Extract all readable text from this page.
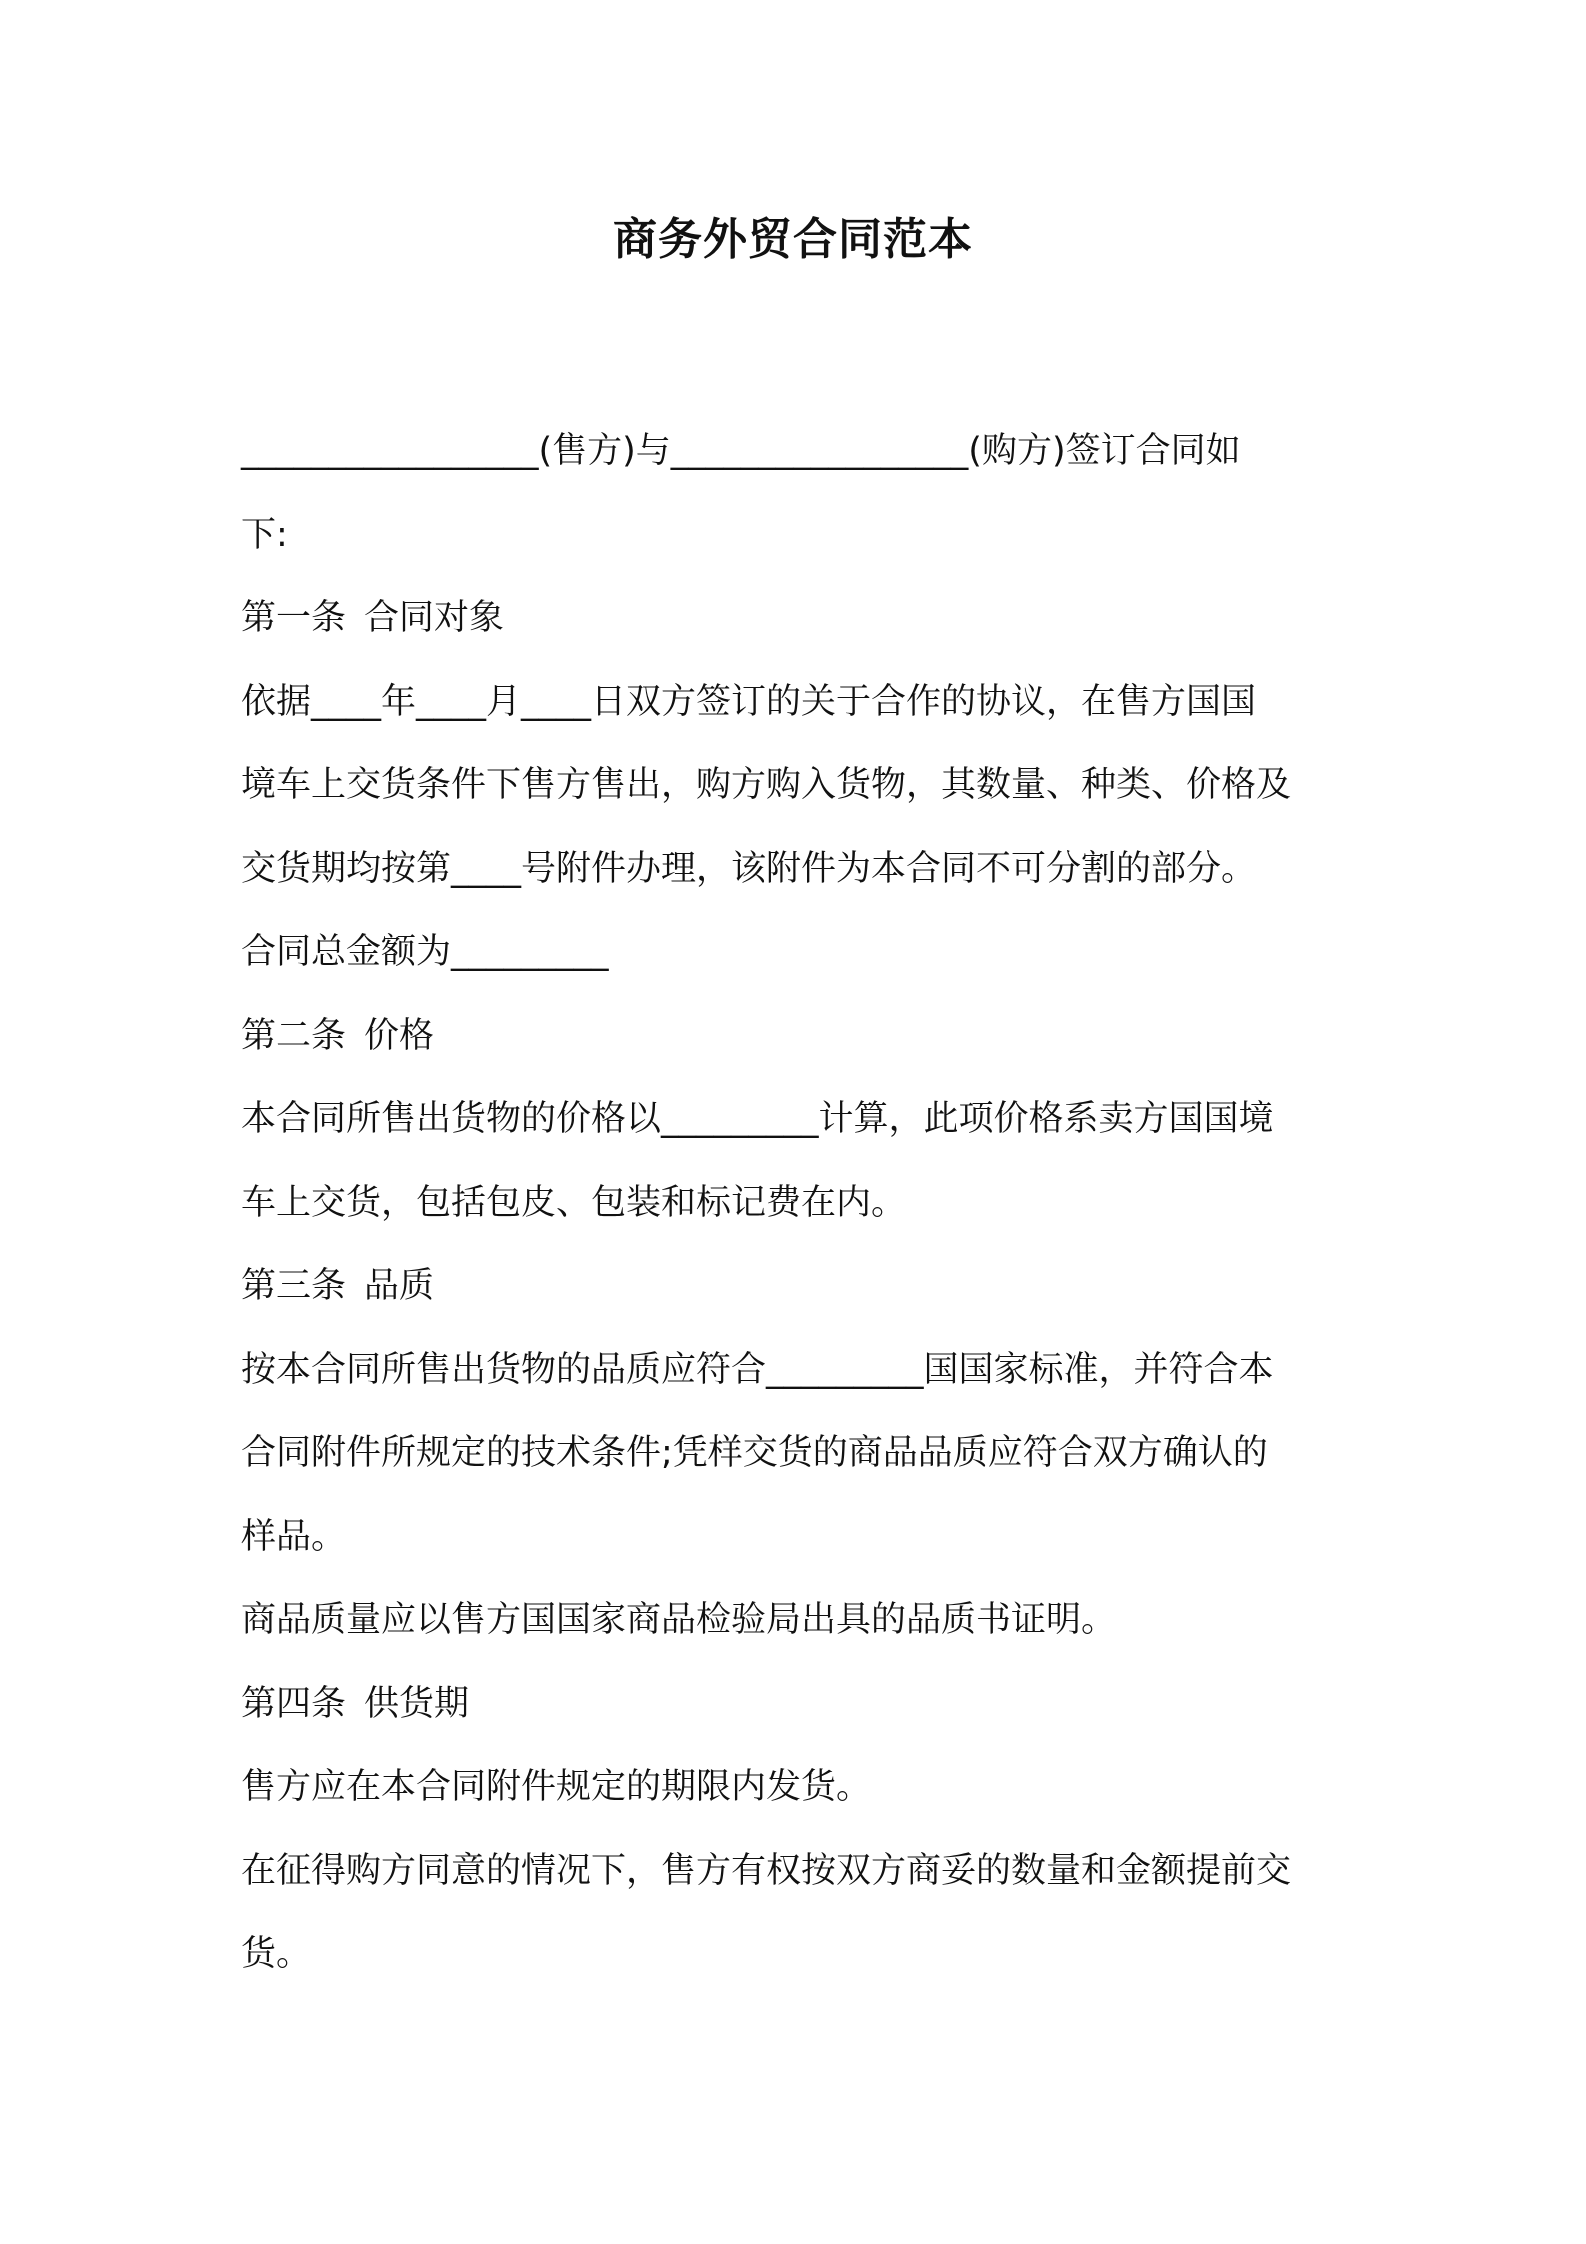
商务外贸合同范本
_________________(售方)与_________________(购方)签订合同如
下:
第一条 合同对象
依据____年____月____日双方签订的关于合作的协议，在售方国国
境车上交货条件下售方售出，购方购入货物，其数量、种类、价格及
交货期均按第____号附件办理，该附件为本合同不可分割的部分。
合同总金额为_________
第二条 价格
本合同所售出货物的价格以_________计算，此项价格系卖方国国境
车上交货，包括包皮、包装和标记费在内。
第三条 品质
按本合同所售出货物的品质应符合_________国国家标准，并符合本
合同附件所规定的技术条件;凭样交货的商品品质应符合双方确认的
样品。
商品质量应以售方国国家商品检验局出具的品质书证明。
第四条 供货期
售方应在本合同附件规定的期限内发货。
在征得购方同意的情况下，售方有权按双方商妥的数量和金额提前交
货。
